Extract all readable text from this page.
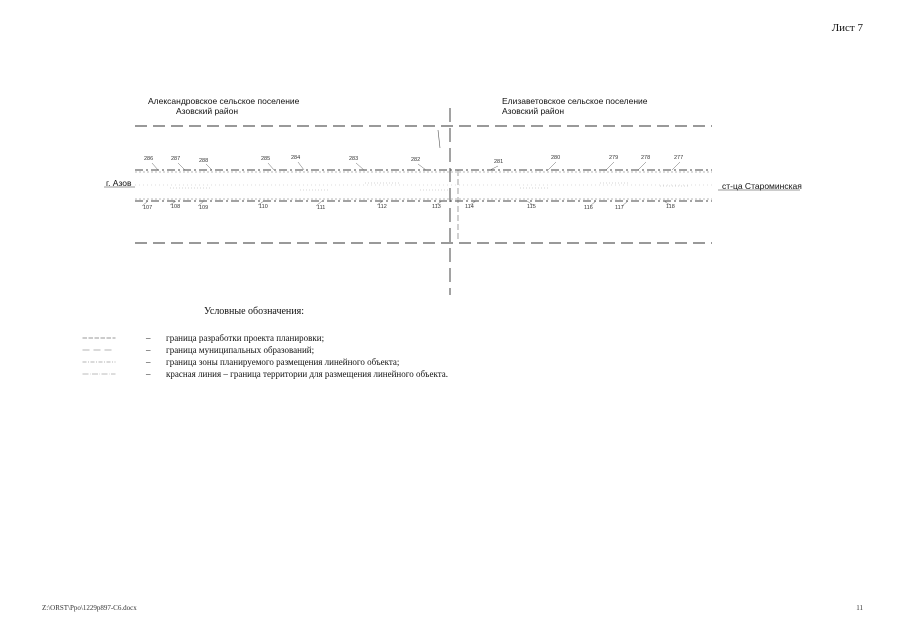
Лист 7
Александровское сельское поселение
Азовский район
Елизаветовское сельское поселение
Азовский район
г. Азов	ст-ца Староминская
286	287	288	285	284	283	282	281
280	279	278	277
107	108	109	110	111	112	113	114	115	116	117	118
Условные обозначения:
– граница разработки проекта планировки;
– граница муниципальных образований;
– граница зоны планируемого размещения линейного объекта;
– красная линия – граница территории для размещения линейного объекта.
Z:\ORST\Ppo\1229p897-С6.docx	11
